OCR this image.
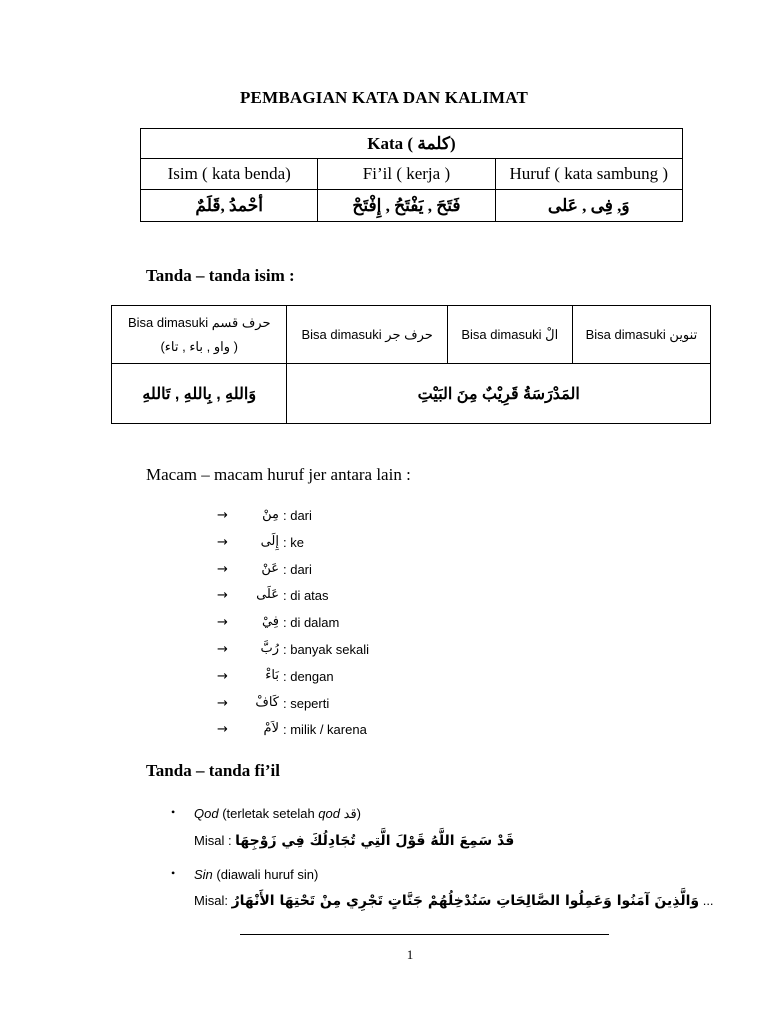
PEMBAGIAN KATA DAN KALIMAT
Kata ( كلمة)		
Isim ( kata benda)	Fi’il ( kerja )	Huruf ( kata sambung )
أحْمدُ ,قَلَمٌ	فَتَحَ , يَفْتَحُ , إِفْتَحْ	وَ, فِى , عَلى
Tanda – tanda isim :
Bisa dimasuki حرف قسم
(واو , باء , تاء )	Bisa dimasuki حرف جر	Bisa dimasuki الْ	Bisa dimasuki تنوين
وَاللهِ , بِاللهِ , تَاللهِ	المَدْرَسَةُ قَرِيْبٌ مِنَ البَيْتِ		
Macam – macam huruf jer antara lain :
→	مِنْ : dari
→	إِلَى : ke
→	عَنْ : dari
→	عَلَى : di atas
→	فِيْ : di dalam
→	رُبَّ : banyak sekali
→	بَاءْ : dengan
→	كَافْ : seperti
→	لاَمْ : milik / karena
Tanda – tanda fi’il
• Qod (terletak setelah qod قد)
Misal : قَدْ سَمِعَ اللَّهُ قَوْلَ الَّتِي تُجَادِلُكَ فِي زَوْجِهَا
• Sin (diawali huruf sin)
Misal: وَالَّذِينَ آمَنُوا وَعَمِلُوا الصَّالِحَاتِ سَنُدْخِلُهُمْ جَنَّاتٍ تَجْرِي مِنْ تَحْتِهَا الأَنْهَارُ ...
1
